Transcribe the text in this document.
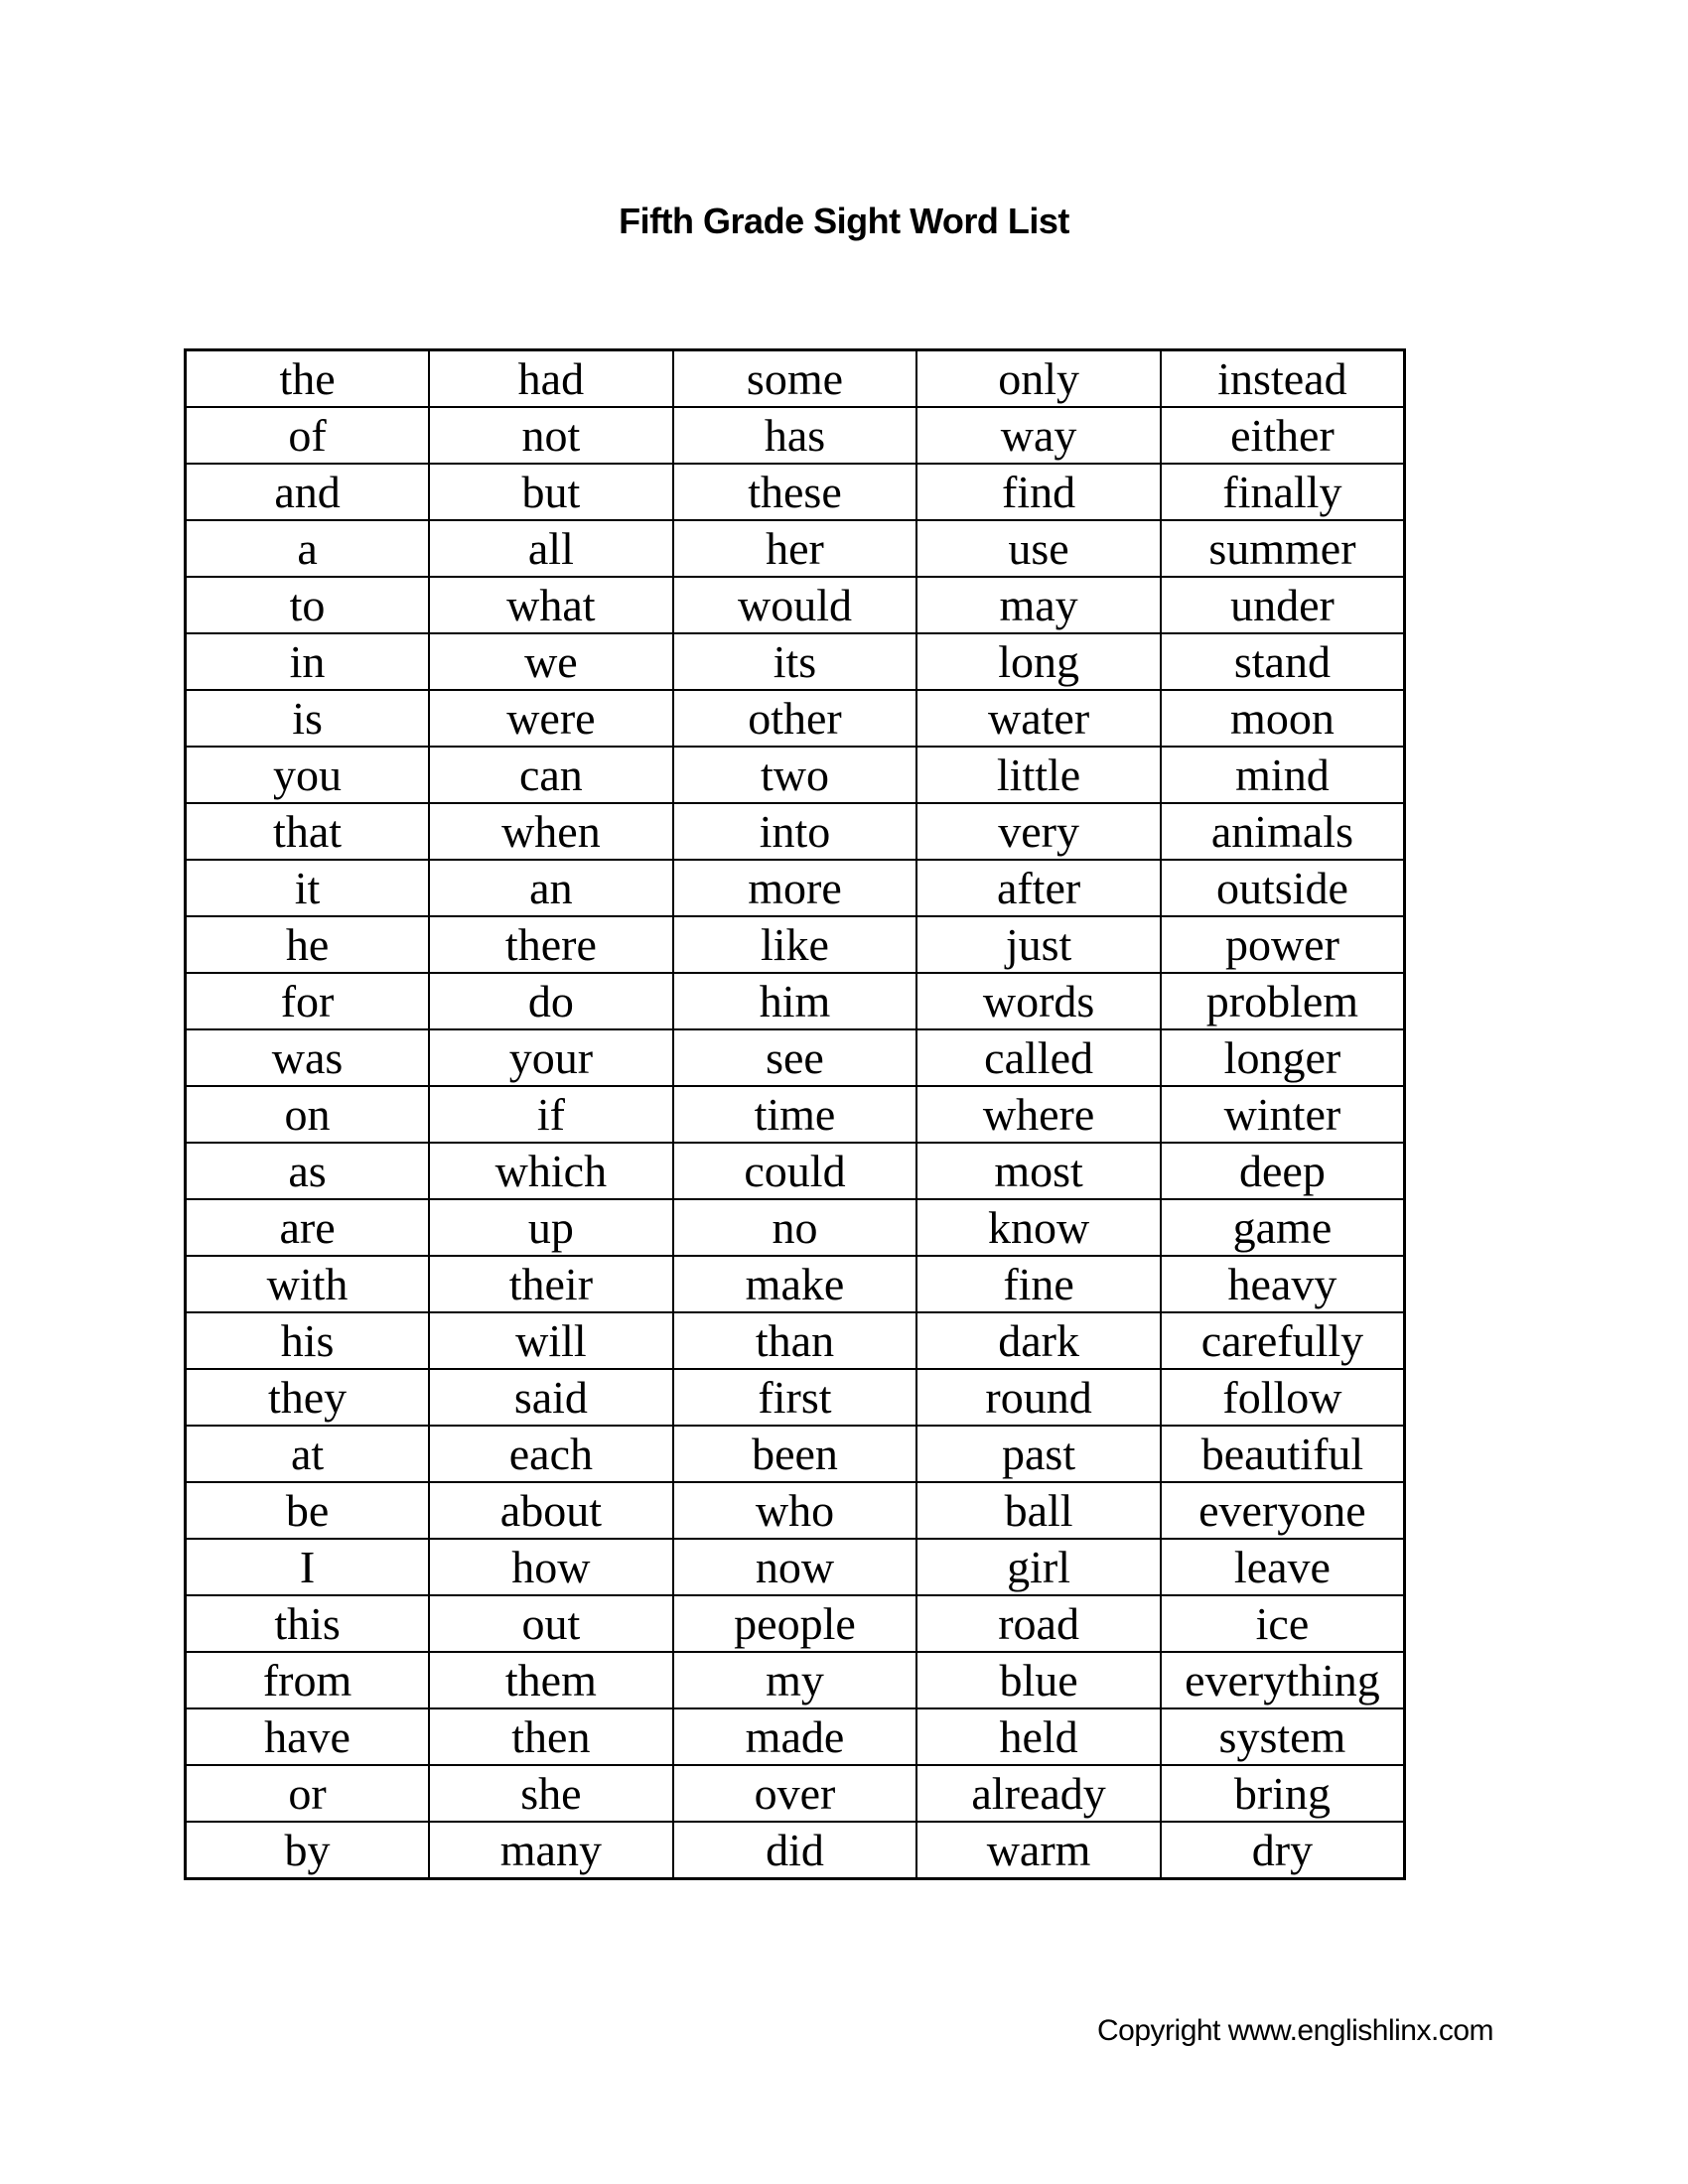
Fifth Grade Sight Word List
the	had	some	only	instead
of	not	has	way	either
and	but	these	find	finally
a	all	her	use	summer
to	what	would	may	under
in	we	its	long	stand
is	were	other	water	moon
you	can	two	little	mind
that	when	into	very	animals
it	an	more	after	outside
he	there	like	just	power
for	do	him	words	problem
was	your	see	called	longer
on	if	time	where	winter
as	which	could	most	deep
are	up	no	know	game
with	their	make	fine	heavy
his	will	than	dark	carefully
they	said	first	round	follow
at	each	been	past	beautiful
be	about	who	ball	everyone
I	how	now	girl	leave
this	out	people	road	ice
from	them	my	blue	everything
have	then	made	held	system
or	she	over	already	bring
by	many	did	warm	dry
Copyright www.englishlinx.com
